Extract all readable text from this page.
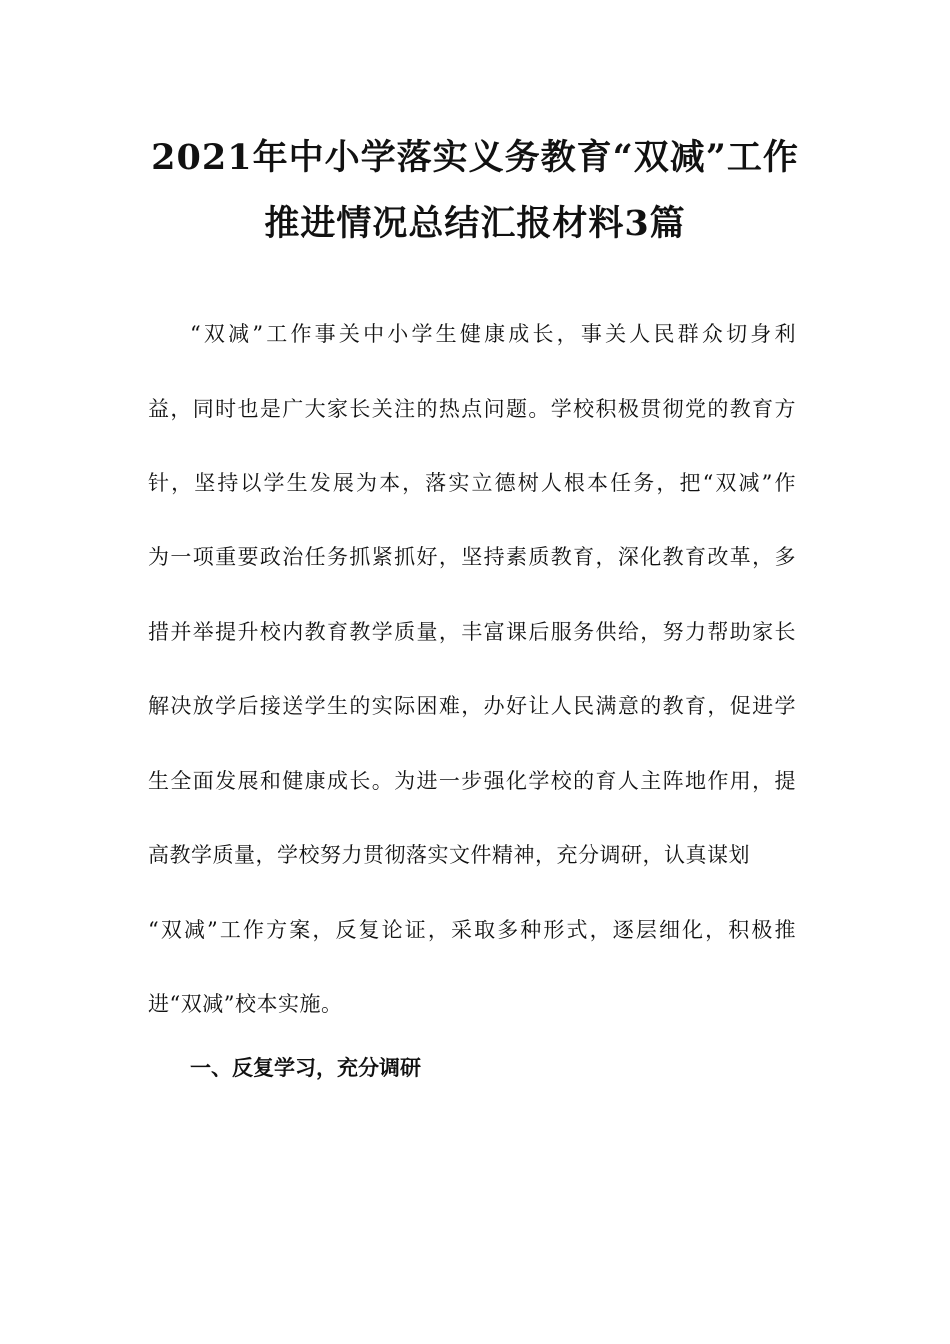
2021年中小学落实义务教育“双减”工作
推进情况总结汇报材料3篇
“双减”工作事关中小学生健康成长，事关人民群众切身利
益，同时也是广大家长关注的热点问题。学校积极贯彻党的教育方
针，坚持以学生发展为本，落实立德树人根本任务，把“双减”作
为一项重要政治任务抓紧抓好，坚持素质教育，深化教育改革，多
措并举提升校内教育教学质量，丰富课后服务供给，努力帮助家长
解决放学后接送学生的实际困难，办好让人民满意的教育，促进学
生全面发展和健康成长。为进一步强化学校的育人主阵地作用，提
高教学质量，学校努力贯彻落实文件精神，充分调研，认真谋划
“双减”工作方案，反复论证，采取多种形式，逐层细化，积极推
进“双减”校本实施。
一、反复学习，充分调研
